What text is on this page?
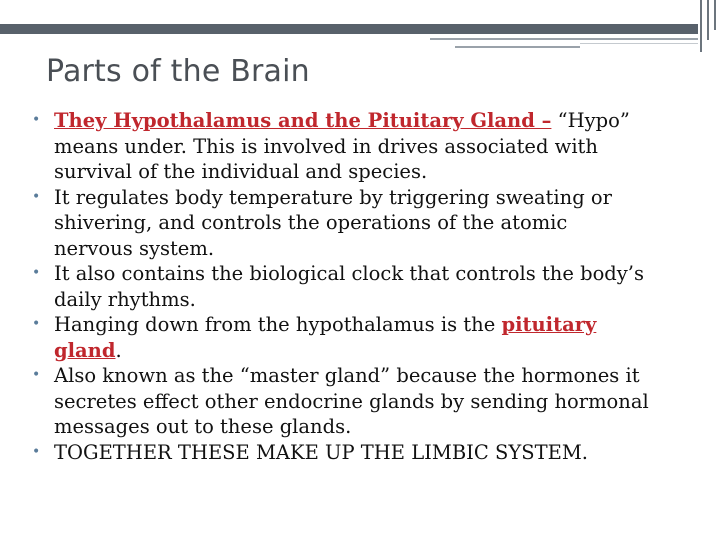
Parts of the Brain
• They Hypothalamus and the Pituitary Gland – “Hypo” means under. This is involved in drives associated with survival of the individual and species.
• It regulates body temperature by triggering sweating or shivering, and controls the operations of the atomic nervous system.
• It also contains the biological clock that controls the body’s daily rhythms.
• Hanging down from the hypothalamus is the pituitary gland.
• Also known as the “master gland” because the hormones it secretes effect other endocrine glands by sending hormonal messages out to these glands.
• TOGETHER THESE MAKE UP THE LIMBIC SYSTEM.
